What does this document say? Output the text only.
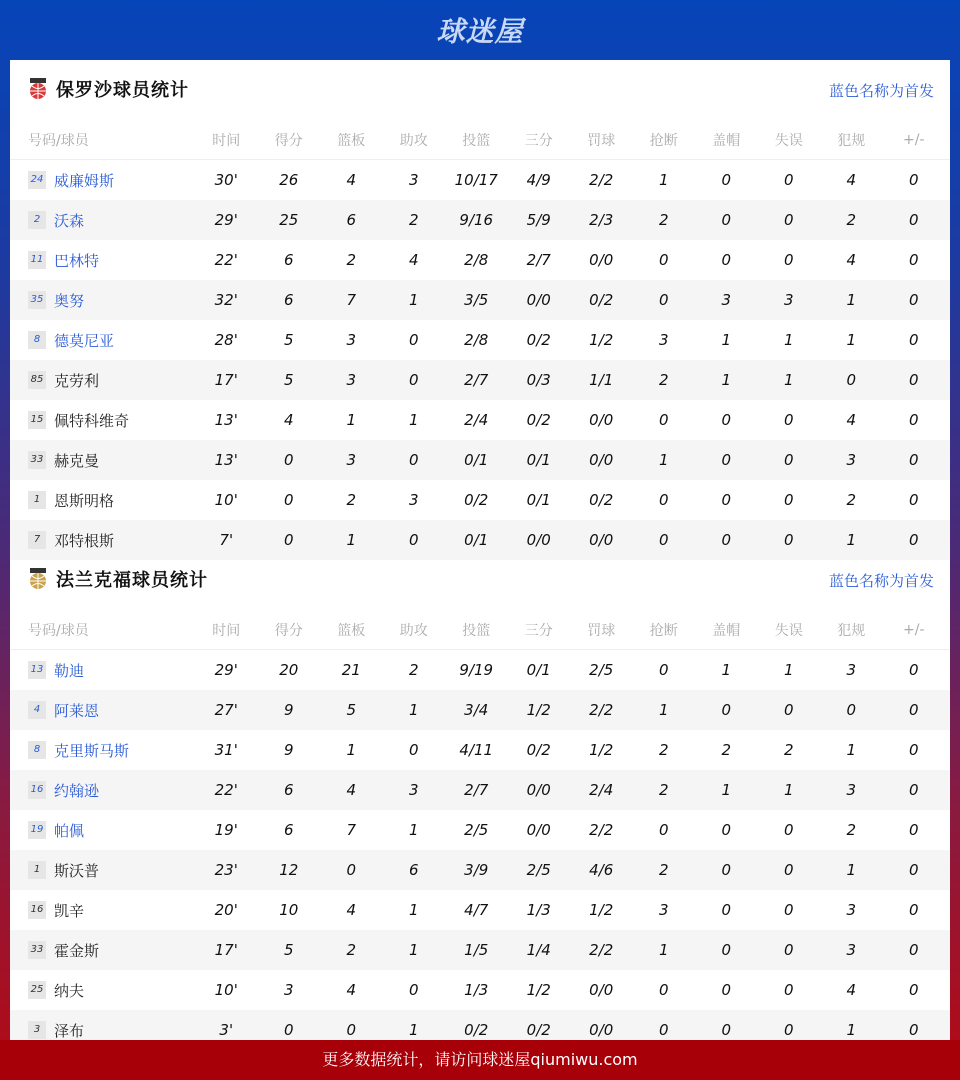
球迷屋
保罗沙球员统计	蓝色名称为首发
号码/球员	时间	得分	篮板	助攻	投篮	三分	罚球	抢断	盖帽	失误	犯规	+/-
24 威廉姆斯	30'	26	4	3	10/17	4/9	2/2	1	0	0	4	0
2 沃森	29'	25	6	2	9/16	5/9	2/3	2	0	0	2	0
11 巴林特	22'	6	2	4	2/8	2/7	0/0	0	0	0	4	0
35 奥努	32'	6	7	1	3/5	0/0	0/2	0	3	3	1	0
8 德莫尼亚	28'	5	3	0	2/8	0/2	1/2	3	1	1	1	0
85 克劳利	17'	5	3	0	2/7	0/3	1/1	2	1	1	0	0
15 佩特科维奇	13'	4	1	1	2/4	0/2	0/0	0	0	0	4	0
33 赫克曼	13'	0	3	0	0/1	0/1	0/0	1	0	0	3	0
1 恩斯明格	10'	0	2	3	0/2	0/1	0/2	0	0	0	2	0
7 邓特根斯	7'	0	1	0	0/1	0/0	0/0	0	0	0	1	0
法兰克福球员统计	蓝色名称为首发
号码/球员	时间	得分	篮板	助攻	投篮	三分	罚球	抢断	盖帽	失误	犯规	+/-
13 勒迪	29'	20	21	2	9/19	0/1	2/5	0	1	1	3	0
4 阿莱恩	27'	9	5	1	3/4	1/2	2/2	1	0	0	0	0
8 克里斯马斯	31'	9	1	0	4/11	0/2	1/2	2	2	2	1	0
16 约翰逊	22'	6	4	3	2/7	0/0	2/4	2	1	1	3	0
19 帕佩	19'	6	7	1	2/5	0/0	2/2	0	0	0	2	0
1 斯沃普	23'	12	0	6	3/9	2/5	4/6	2	0	0	1	0
16 凯辛	20'	10	4	1	4/7	1/3	1/2	3	0	0	3	0
33 霍金斯	17'	5	2	1	1/5	1/4	2/2	1	0	0	3	0
25 纳夫	10'	3	4	0	1/3	1/2	0/0	0	0	0	4	0
3 泽布	3'	0	0	1	0/2	0/2	0/0	0	0	0	1	0
更多数据统计，请访问球迷屋qiumiwu.com
